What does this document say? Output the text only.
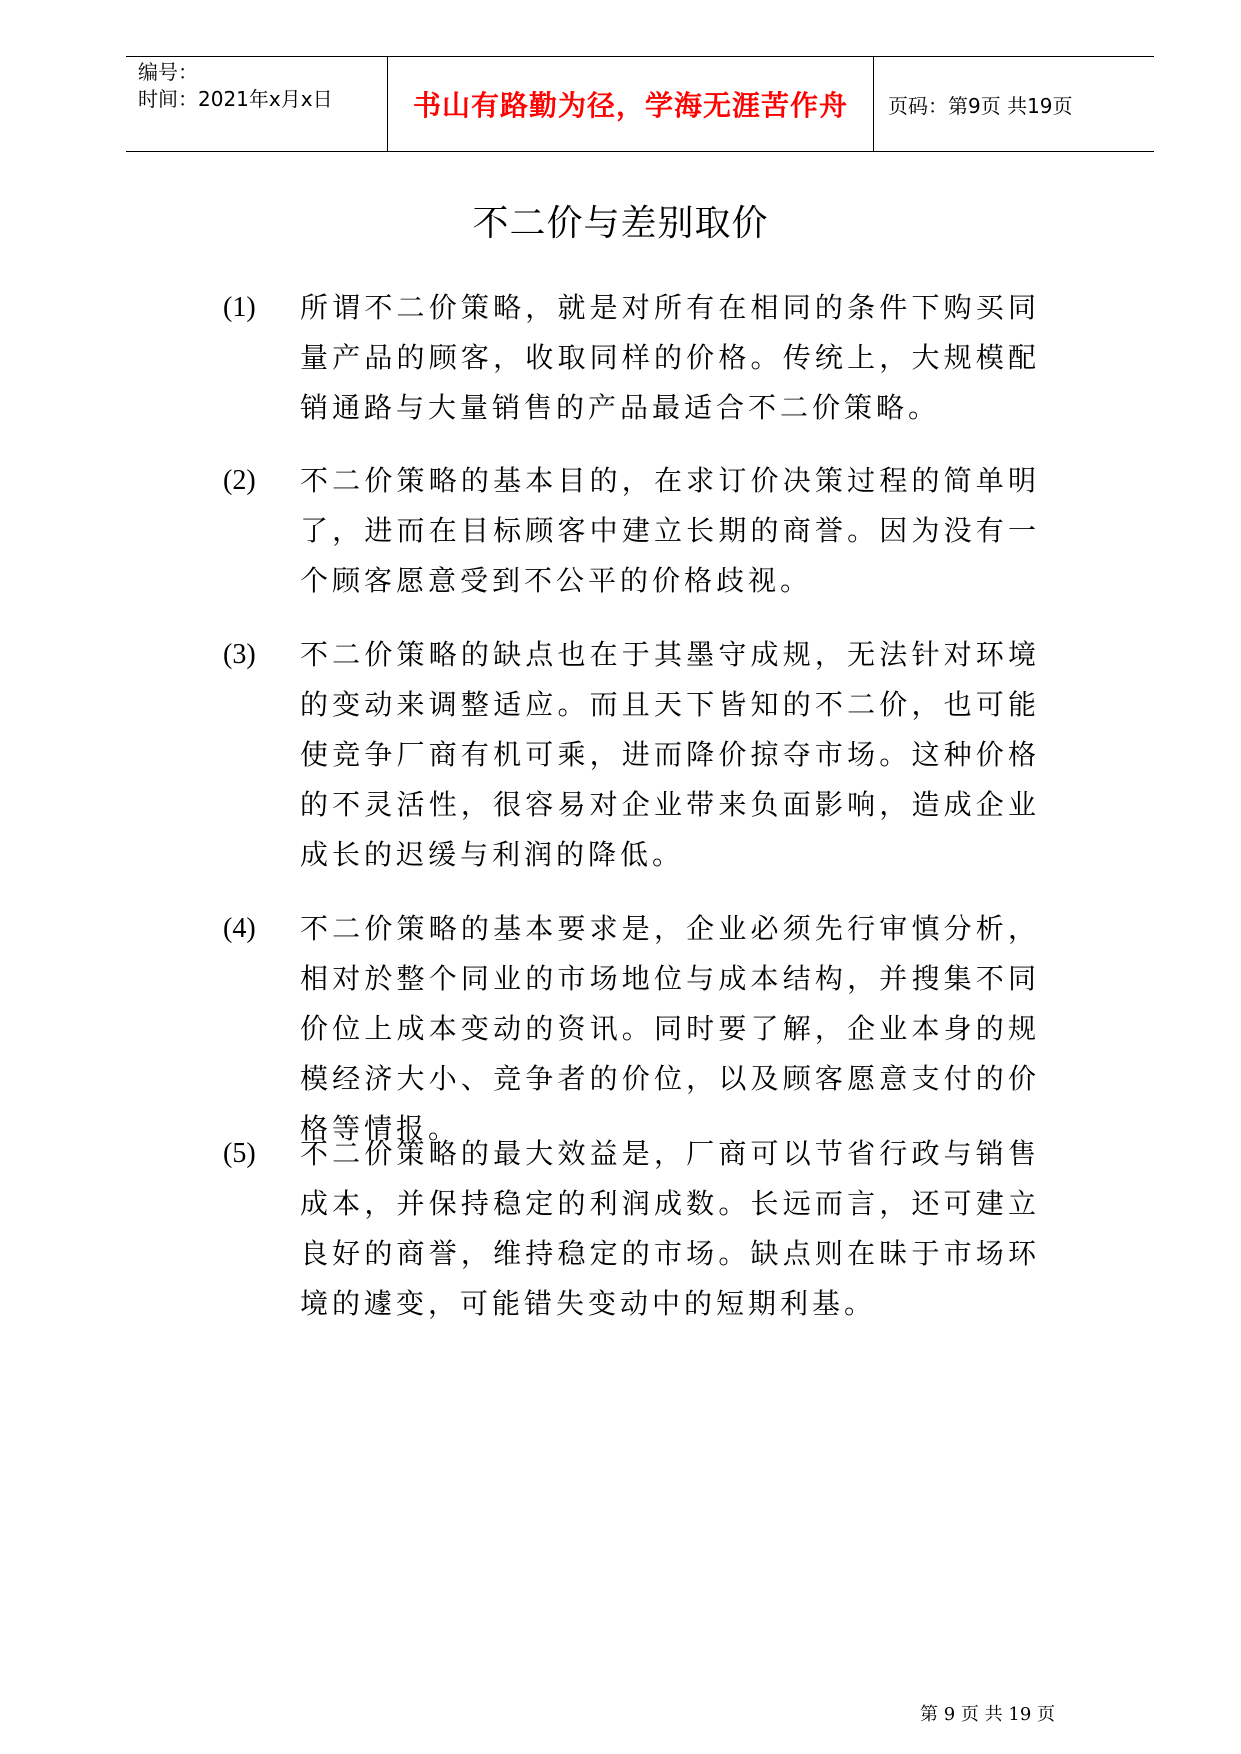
编号：
时间：2021年x月x日	书山有路勤为径，学海无涯苦作舟 页码：第9页 共19页
不二价与差别取价
(1) 所谓不二价策略，就是对所有在相同的条件下购买同量产品的顾客，收取同样的价格。传统上，大规模配销通路与大量销售的产品最适合不二价策略。

(2) 不二价策略的基本目的，在求订价决策过程的简单明了，进而在目标顾客中建立长期的商誉。因为没有一个顾客愿意受到不公平的价格歧视。

(3) 不二价策略的缺点也在于其墨守成规，无法针对环境的变动来调整适应。而且天下皆知的不二价，也可能使竞争厂商有机可乘，进而降价掠夺市场。这种价格的不灵活性，很容易对企业带来负面影响，造成企业成长的迟缓与利润的降低。

(4) 不二价策略的基本要求是，企业必须先行审慎分析，相对於整个同业的市场地位与成本结构，并搜集不同价位上成本变动的资讯。同时要了解，企业本身的规模经济大小、竞争者的价位，以及顾客愿意支付的价格等情报。

(5) 不二价策略的最大效益是，厂商可以节省行政与销售成本，并保持稳定的利润成数。长远而言，还可建立良好的商誉，维持稳定的市场。缺点则在昧于市场环境的遽变，可能错失变动中的短期利基。

第 9 页 共 19 页
